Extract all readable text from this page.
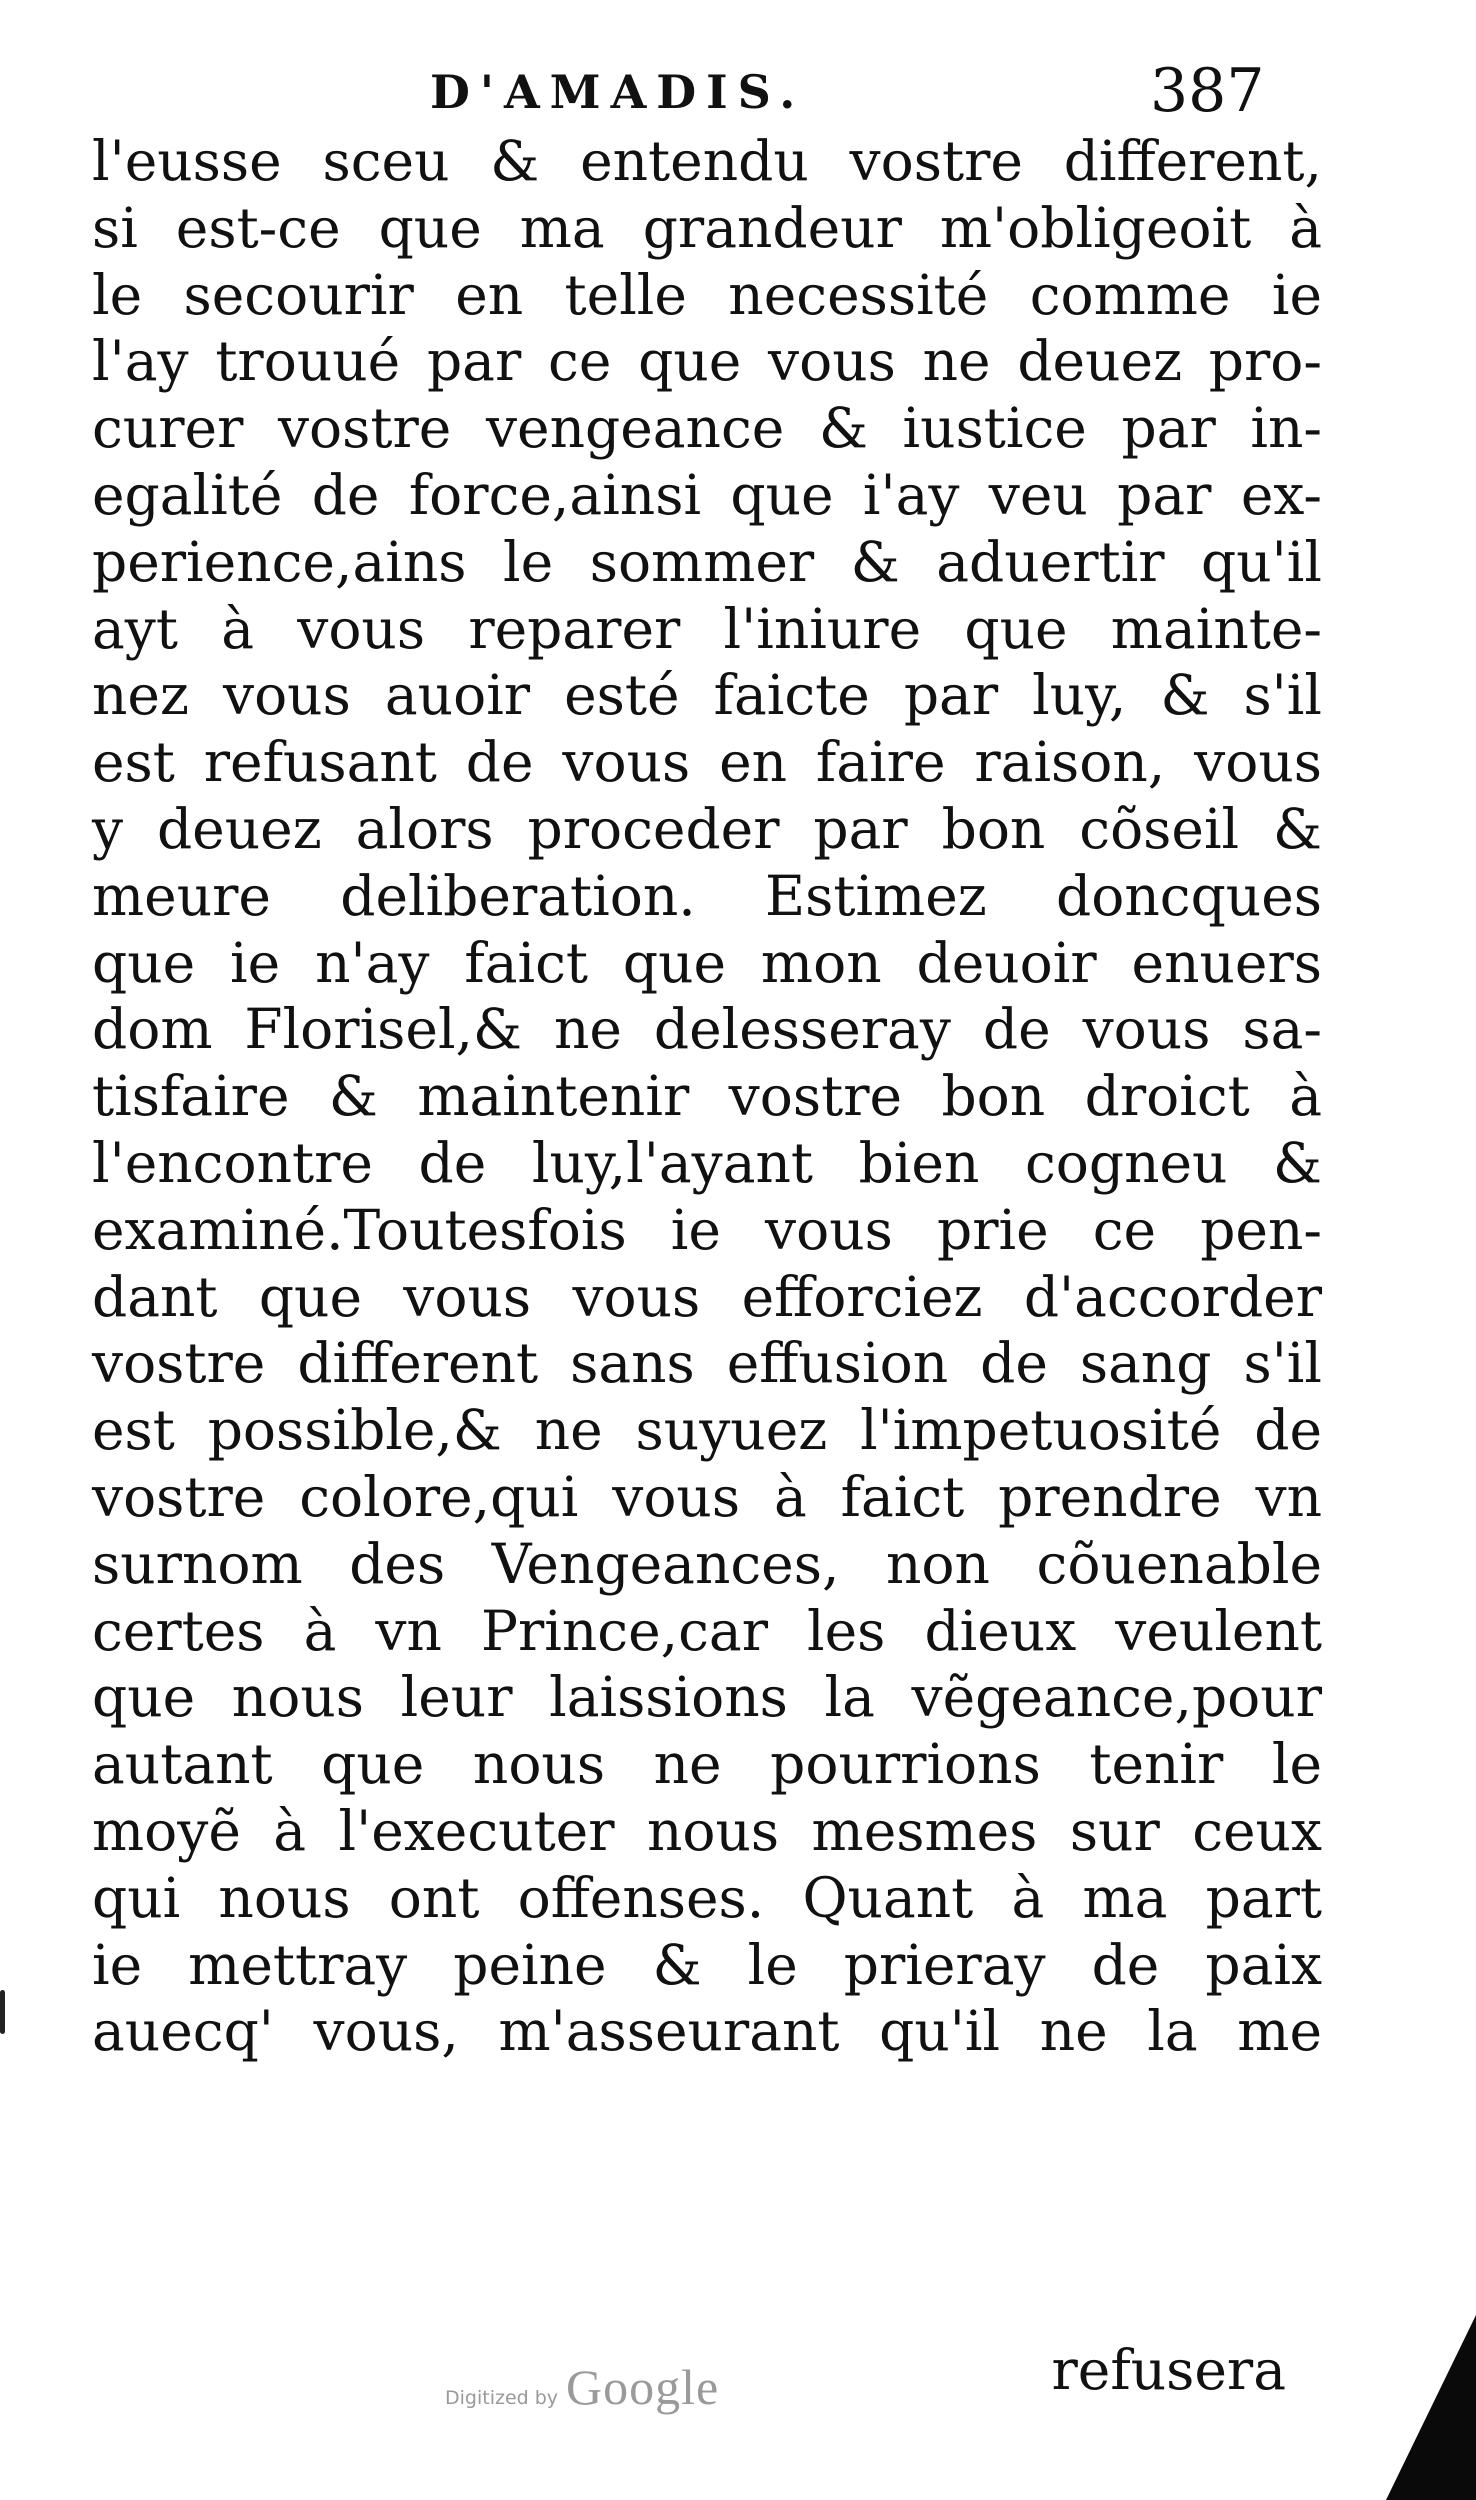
D'AMADIS.	387
l'eusse sceu & entendu vostre different,
si est-ce que ma grandeur m'obligeoit à
le secourir en telle necessité comme ie
l'ay trouué par ce que vous ne deuez pro-
curer vostre vengeance & iustice par in-
egalité de force,ainsi que i'ay veu par ex-
perience,ains le sommer & aduertir qu'il
ayt à vous reparer l'iniure que mainte-
nez vous auoir esté faicte par luy, & s'il
est refusant de vous en faire raison, vous
y deuez alors proceder par bon cõseil &
meure deliberation. Estimez doncques
que ie n'ay faict que mon deuoir enuers
dom Florisel,& ne delesseray de vous sa-
tisfaire & maintenir vostre bon droict à
l'encontre de luy,l'ayant bien cogneu &
examiné.Toutesfois ie vous prie ce pen-
dant que vous vous efforciez d'accorder
vostre different sans effusion de sang s'il
est possible,& ne suyuez l'impetuosité de
vostre colore,qui vous à faict prendre vn
surnom des Vengeances, non cõuenable
certes à vn Prince,car les dieux veulent
que nous leur laissions la vẽgeance,pour
autant que nous ne pourrions tenir le
moyẽ à l'executer nous mesmes sur ceux
qui nous ont offenses. Quant à ma part
ie mettray peine & le prieray de paix
auecq' vous, m'asseurant qu'il ne la me
refusera
Digitized by Google
